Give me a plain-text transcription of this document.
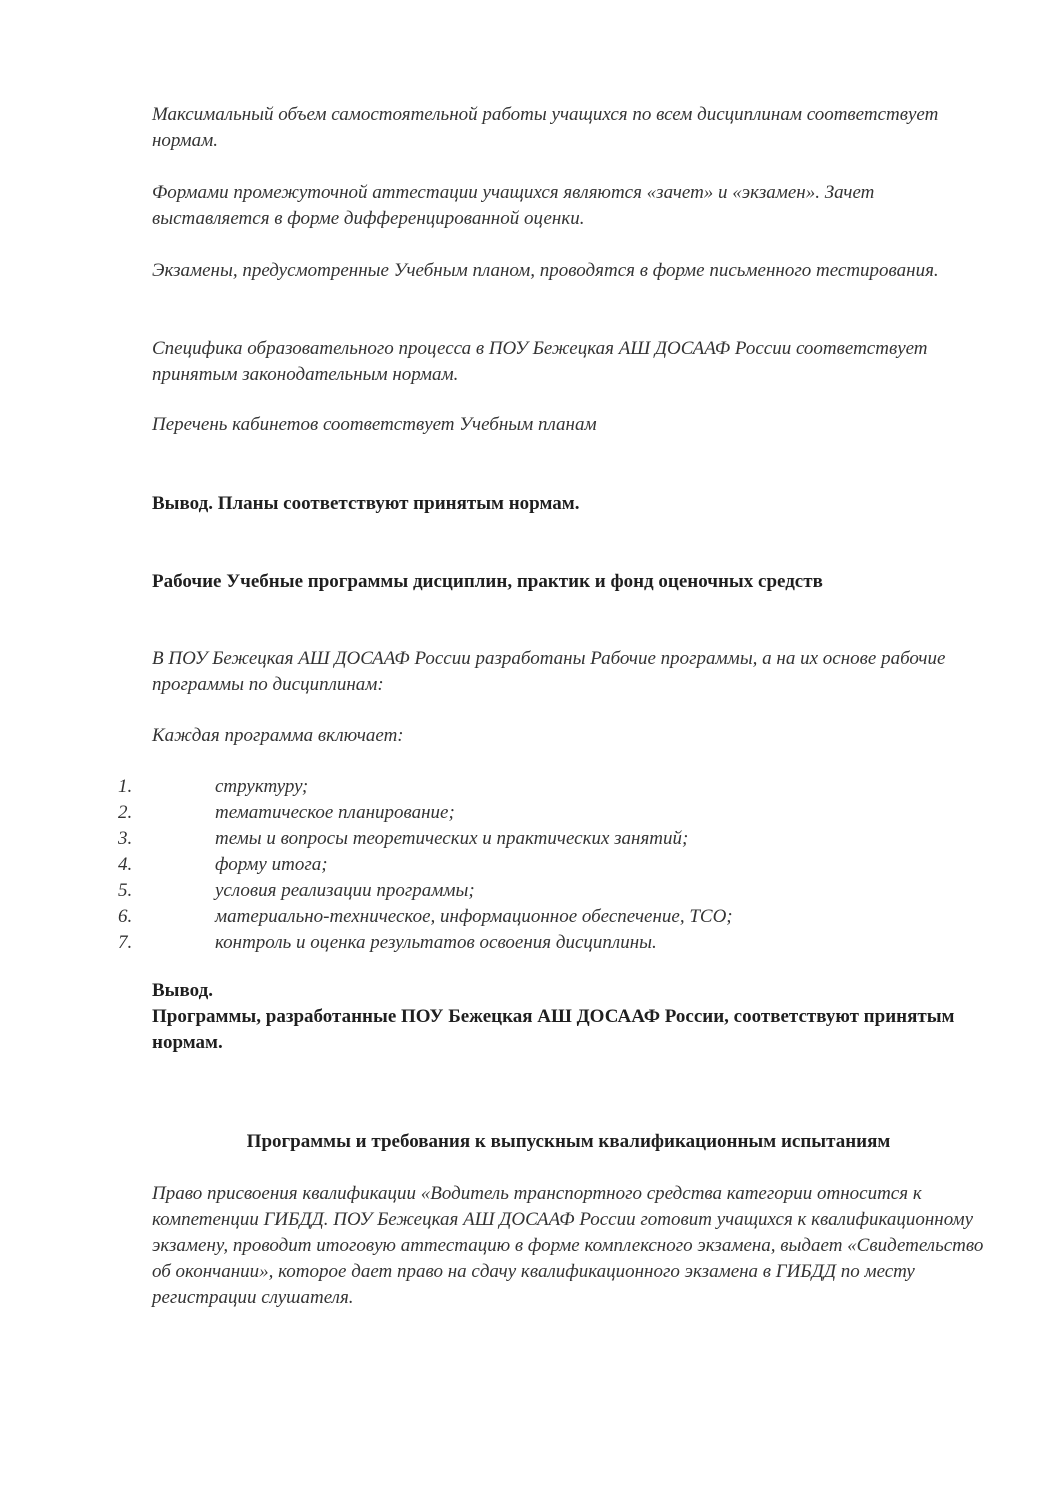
Максимальный объем самостоятельной работы учащихся по всем дисциплинам соответствует нормам.

Формами промежуточной аттестации учащихся являются «зачет» и «экзамен». Зачет выставляется в форме дифференцированной оценки.

Экзамены, предусмотренные Учебным планом, проводятся в форме письменного тестирования.

Специфика образовательного процесса в ПОУ Бежецкая АШ ДОСААФ России соответствует принятым законодательным нормам.

Перечень кабинетов соответствует Учебным планам

Вывод. Планы соответствуют принятым нормам.

Рабочие Учебные программы дисциплин, практик и фонд оценочных средств

В ПОУ Бежецкая АШ ДОСААФ России разработаны Рабочие программы, а на их основе рабочие программы по дисциплинам:

Каждая программа включает:

1.	структуру;
2.	тематическое планирование;
3.	темы и вопросы теоретических и практических занятий;
4.	форму итога;
5.	условия реализации программы;
6.	материально-техническое, информационное обеспечение, ТСО;
7.	контроль и оценка результатов освоения дисциплины.

Вывод.

Программы, разработанные ПОУ Бежецкая АШ ДОСААФ России, соответствуют принятым нормам.

Программы и требования к выпускным квалификационным испытаниям

Право присвоения квалификации «Водитель транспортного средства категории относится к компетенции ГИБДД. ПОУ Бежецкая АШ ДОСААФ России готовит учащихся к квалификационному экзамену, проводит итоговую аттестацию в форме комплексного экзамена, выдает «Свидетельство об окончании», которое дает право на сдачу квалификационного экзамена в ГИБДД по месту регистрации слушателя.
